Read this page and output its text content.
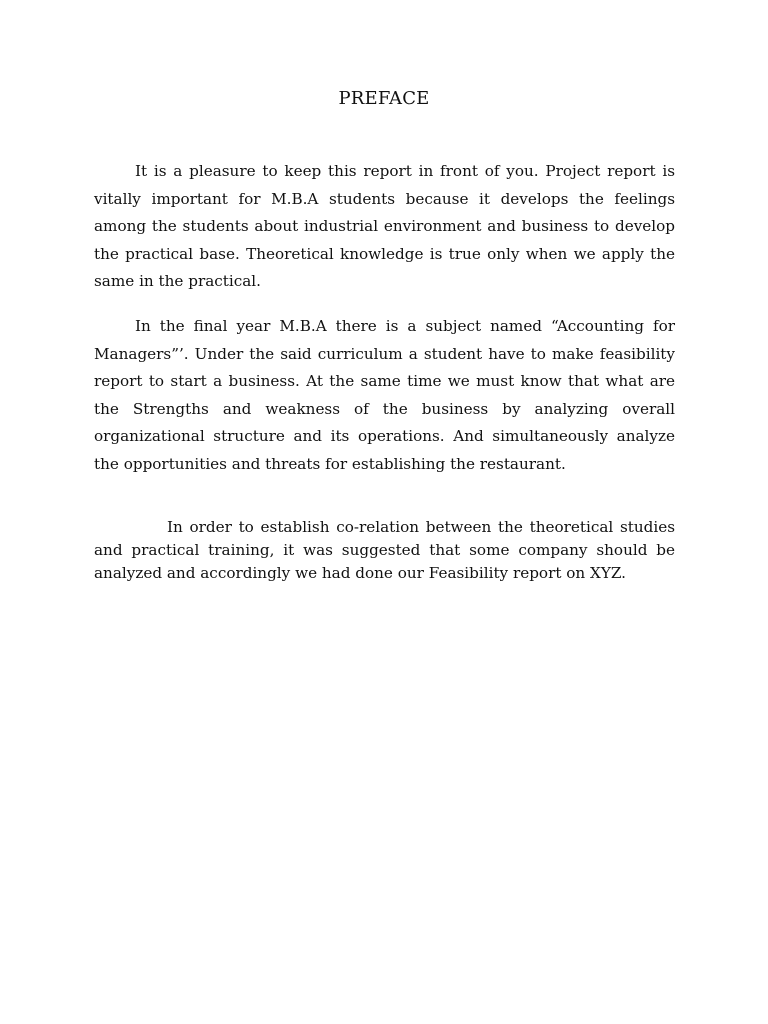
PREFACE

It is a pleasure to keep this report in front of you. Project report is vitally important for M.B.A students because it develops the feelings among the students about industrial environment and business to develop the practical base. Theoretical knowledge is true only when we apply the same in the practical.

In the final year M.B.A there is a subject named “Accounting for Managers”’. Under the said curriculum a student have to make feasibility report to start a business. At the same time we must know that what are the Strengths and weakness of the business by analyzing overall organizational structure and its operations. And simultaneously analyze the opportunities and threats for establishing the restaurant.

In order to establish co-relation between the theoretical studies and practical training, it was suggested that some company should be analyzed and accordingly we had done our Feasibility report on XYZ.
